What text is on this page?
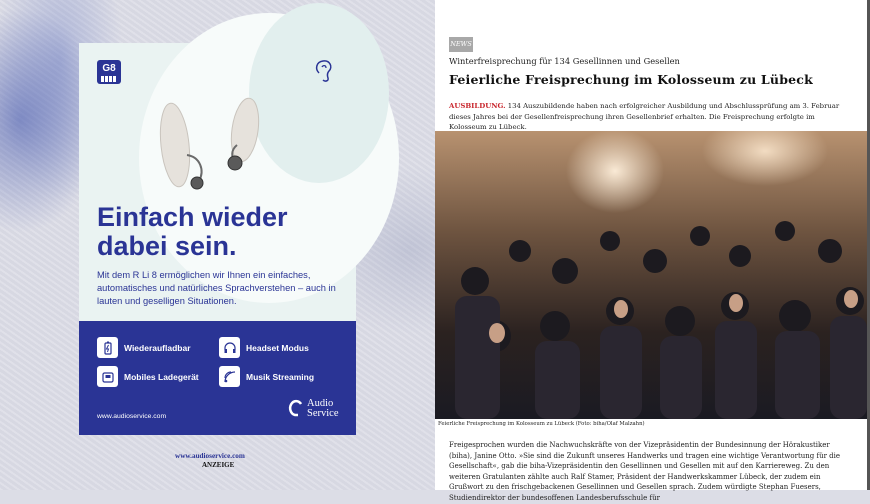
G8
Einfach wieder
dabei sein.
Mit dem R Li 8 ermöglichen wir Ihnen ein einfaches, automatisches und natürliches Sprachverstehen – auch in lauten und geselligen Situationen.
Wiederaufladbar	Headset Modus
Mobiles Ladegerät	Musik Streaming
www.audioservice.com
Audio
Service
www.audioservice.com
ANZEIGE
NEWS
Winterfreisprechung für 134 Gesellinnen und Gesellen
Feierliche Freisprechung im Kolosseum zu Lübeck
AUSBILDUNG. 134 Auszubildende haben nach erfolgreicher Ausbildung und Abschlussprüfung am 3. Februar dieses Jahres bei der Gesellenfreisprechung ihren Gesellenbrief erhalten. Die Freisprechung erfolgte im Kolosseum zu Lübeck.
Feierliche Freisprechung im Kolosseum zu Lübeck (Foto: biha/Olaf Malzahn)
Freigesprochen wurden die Nachwuchskräfte von der Vizepräsidentin der Bundesinnung der Hörakustiker (biha), Janine Otto. »Sie sind die Zukunft unseres Handwerks und tragen eine wichtige Verantwortung für die Gesellschaft«, gab die biha-Vizepräsidentin den Gesellinnen und Gesellen mit auf den Karriereweg. Zu den weiteren Gratulanten zählte auch Ralf Stamer, Präsident der Handwerkskammer Lübeck, der zudem ein Grußwort zu den frischgebackenen Gesellinnen und Gesellen sprach. Zudem würdigte Stephan Fuesers, Studiendirektor der bundesoffenen Landesberufsschule für
